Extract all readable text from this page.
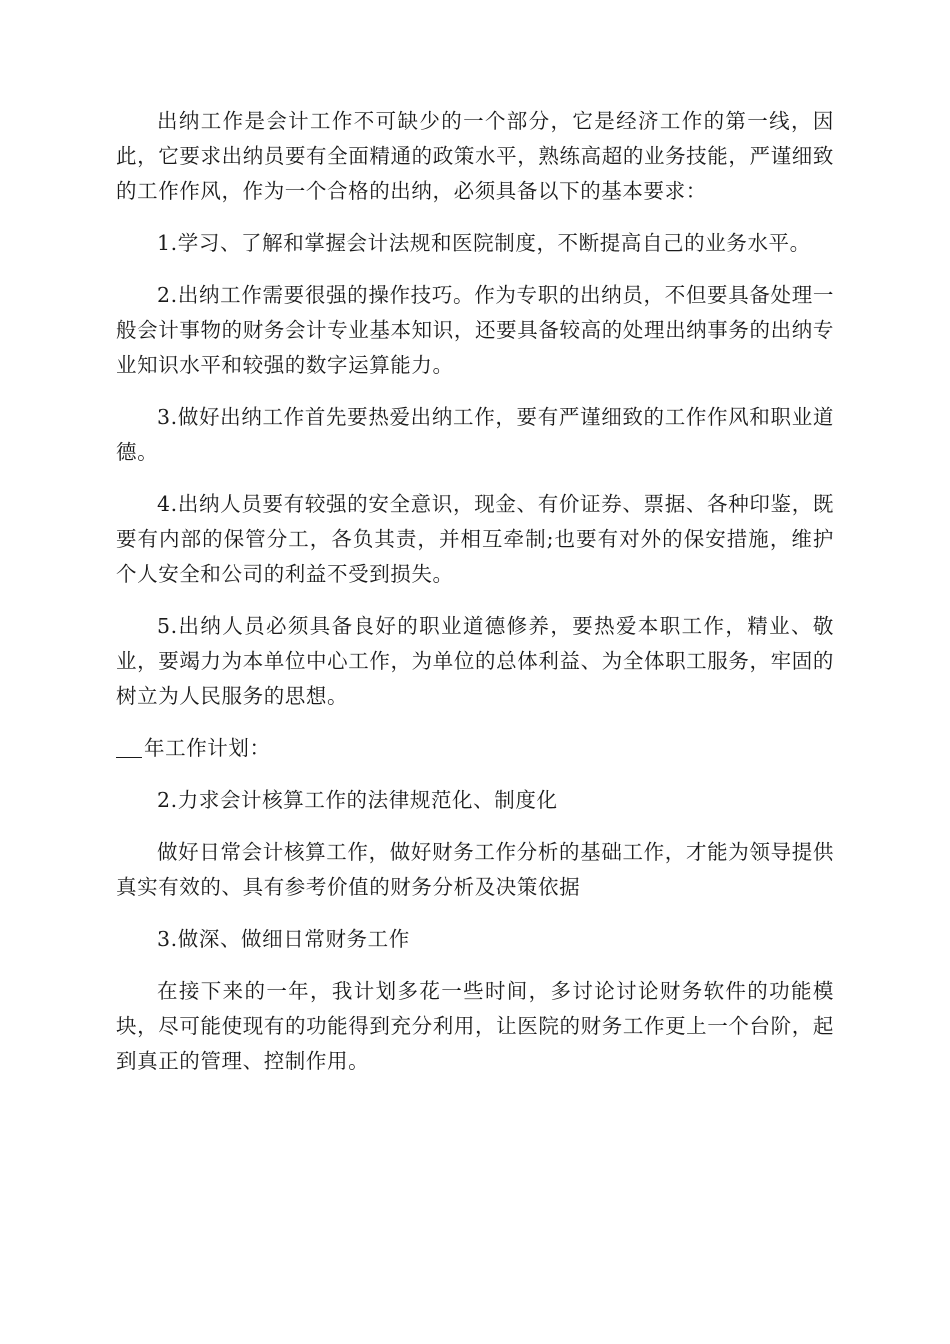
出纳工作是会计工作不可缺少的一个部分，它是经济工作的第一线，因此，它要求出纳员要有全面精通的政策水平，熟练高超的业务技能，严谨细致的工作作风，作为一个合格的出纳，必须具备以下的基本要求：

1.学习、了解和掌握会计法规和医院制度，不断提高自己的业务水平。

2.出纳工作需要很强的操作技巧。作为专职的出纳员，不但要具备处理一般会计事物的财务会计专业基本知识，还要具备较高的处理出纳事务的出纳专业知识水平和较强的数字运算能力。

3.做好出纳工作首先要热爱出纳工作，要有严谨细致的工作作风和职业道德。

4.出纳人员要有较强的安全意识，现金、有价证券、票据、各种印鉴，既要有内部的保管分工，各负其责，并相互牵制;也要有对外的保安措施，维护个人安全和公司的利益不受到损失。

5.出纳人员必须具备良好的职业道德修养，要热爱本职工作，精业、敬业，要竭力为本单位中心工作，为单位的总体利益、为全体职工服务，牢固的树立为人民服务的思想。

年工作计划：

2.力求会计核算工作的法律规范化、制度化

做好日常会计核算工作，做好财务工作分析的基础工作，才能为领导提供真实有效的、具有参考价值的财务分析及决策依据

3.做深、做细日常财务工作

在接下来的一年，我计划多花一些时间，多讨论讨论财务软件的功能模块，尽可能使现有的功能得到充分利用，让医院的财务工作更上一个台阶，起到真正的管理、控制作用。
